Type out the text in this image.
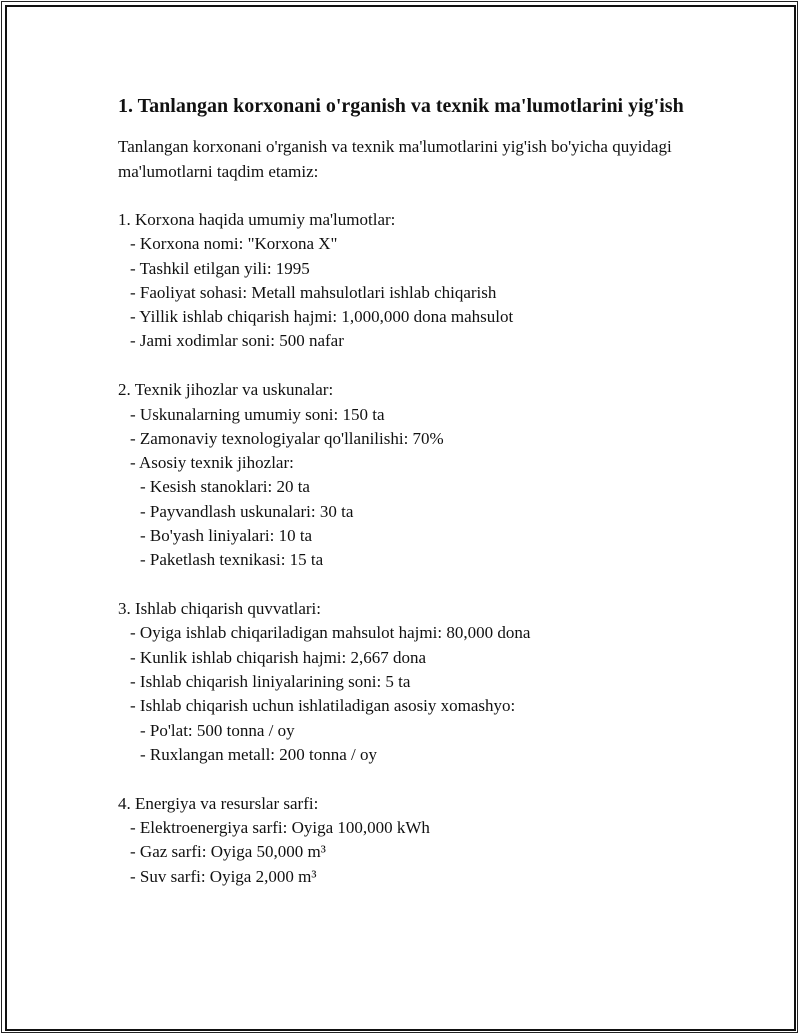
1. Tanlangan korxonani o'rganish va texnik ma'lumotlarini yig'ish

Tanlangan korxonani o'rganish va texnik ma'lumotlarini yig'ish bo'yicha quyidagi ma'lumotlarni taqdim etamiz:

1. Korxona haqida umumiy ma'lumotlar:
- Korxona nomi: "Korxona X"
- Tashkil etilgan yili: 1995
- Faoliyat sohasi: Metall mahsulotlari ishlab chiqarish
- Yillik ishlab chiqarish hajmi: 1,000,000 dona mahsulot
- Jami xodimlar soni: 500 nafar
2. Texnik jihozlar va uskunalar:
- Uskunalarning umumiy soni: 150 ta
- Zamonaviy texnologiyalar qo'llanilishi: 70%
- Asosiy texnik jihozlar:
- Kesish stanoklari: 20 ta
- Payvandlash uskunalari: 30 ta
- Bo'yash liniyalari: 10 ta
- Paketlash texnikasi: 15 ta
3. Ishlab chiqarish quvvatlari:
- Oyiga ishlab chiqariladigan mahsulot hajmi: 80,000 dona
- Kunlik ishlab chiqarish hajmi: 2,667 dona
- Ishlab chiqarish liniyalarining soni: 5 ta
- Ishlab chiqarish uchun ishlatiladigan asosiy xomashyo:
- Po'lat: 500 tonna / oy
- Ruxlangan metall: 200 tonna / oy
4. Energiya va resurslar sarfi:
- Elektroenergiya sarfi: Oyiga 100,000 kWh
- Gaz sarfi: Oyiga 50,000 m³
- Suv sarfi: Oyiga 2,000 m³
